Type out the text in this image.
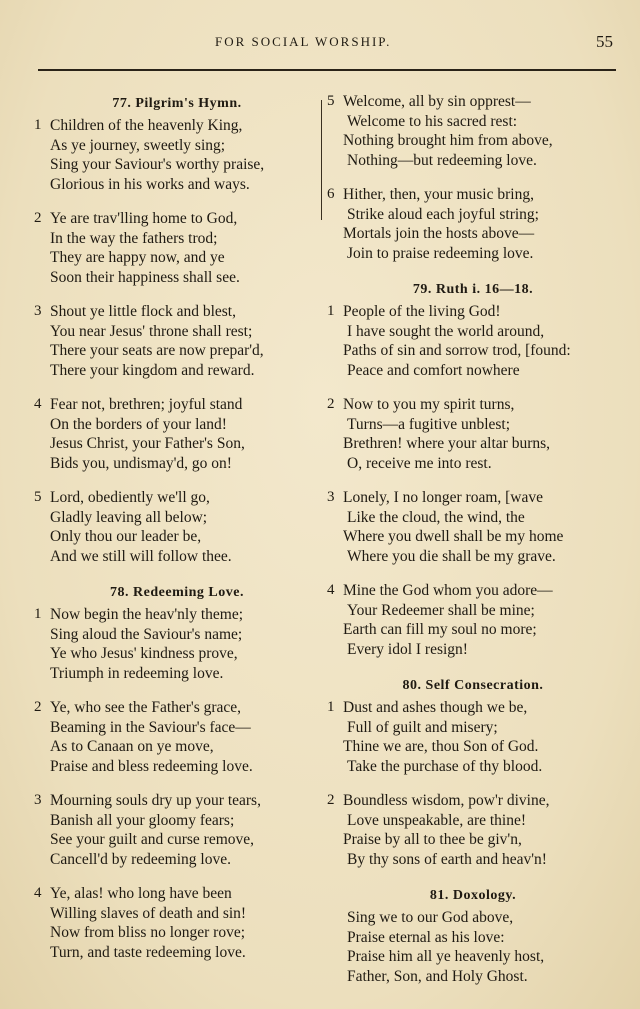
FOR SOCIAL WORSHIP.	55
77. Pilgrim's Hymn.
1 Children of the heavenly King,
As ye journey, sweetly sing;
Sing your Saviour's worthy praise,
Glorious in his works and ways.
2 Ye are trav'lling home to God,
In the way the fathers trod;
They are happy now, and ye
Soon their happiness shall see.
3 Shout ye little flock and blest,
You near Jesus' throne shall rest;
There your seats are now prepar'd,
There your kingdom and reward.
4 Fear not, brethren; joyful stand
On the borders of your land!
Jesus Christ, your Father's Son,
Bids you, undismay'd, go on!
5 Lord, obediently we'll go,
Gladly leaving all below;
Only thou our leader be,
And we still will follow thee.
78. Redeeming Love.
1 Now begin the heav'nly theme;
Sing aloud the Saviour's name;
Ye who Jesus' kindness prove,
Triumph in redeeming love.
2 Ye, who see the Father's grace,
Beaming in the Saviour's face—
As to Canaan on ye move,
Praise and bless redeeming love.
3 Mourning souls dry up your tears,
Banish all your gloomy fears;
See your guilt and curse remove,
Cancell'd by redeeming love.
4 Ye, alas! who long have been
Willing slaves of death and sin!
Now from bliss no longer rove;
Turn, and taste redeeming love.
5 Welcome, all by sin opprest—
Welcome to his sacred rest:
Nothing brought him from above,
Nothing—but redeeming love.
6 Hither, then, your music bring,
Strike aloud each joyful string;
Mortals join the hosts above—
Join to praise redeeming love.
79. Ruth i. 16—18.
1 People of the living God!
I have sought the world around,
Paths of sin and sorrow trod, [found:
Peace and comfort nowhere
2 Now to you my spirit turns,
Turns—a fugitive unblest;
Brethren! where your altar burns,
O, receive me into rest.
3 Lonely, I no longer roam, [wave
Like the cloud, the wind, the
Where you dwell shall be my home
Where you die shall be my grave.
4 Mine the God whom you adore—
Your Redeemer shall be mine;
Earth can fill my soul no more;
Every idol I resign!
80. Self Consecration.
1 Dust and ashes though we be,
Full of guilt and misery;
Thine we are, thou Son of God.
Take the purchase of thy blood.
2 Boundless wisdom, pow'r divine,
Love unspeakable, are thine!
Praise by all to thee be giv'n,
By thy sons of earth and heav'n!
81. Doxology.
Sing we to our God above,
Praise eternal as his love:
Praise him all ye heavenly host,
Father, Son, and Holy Ghost.
